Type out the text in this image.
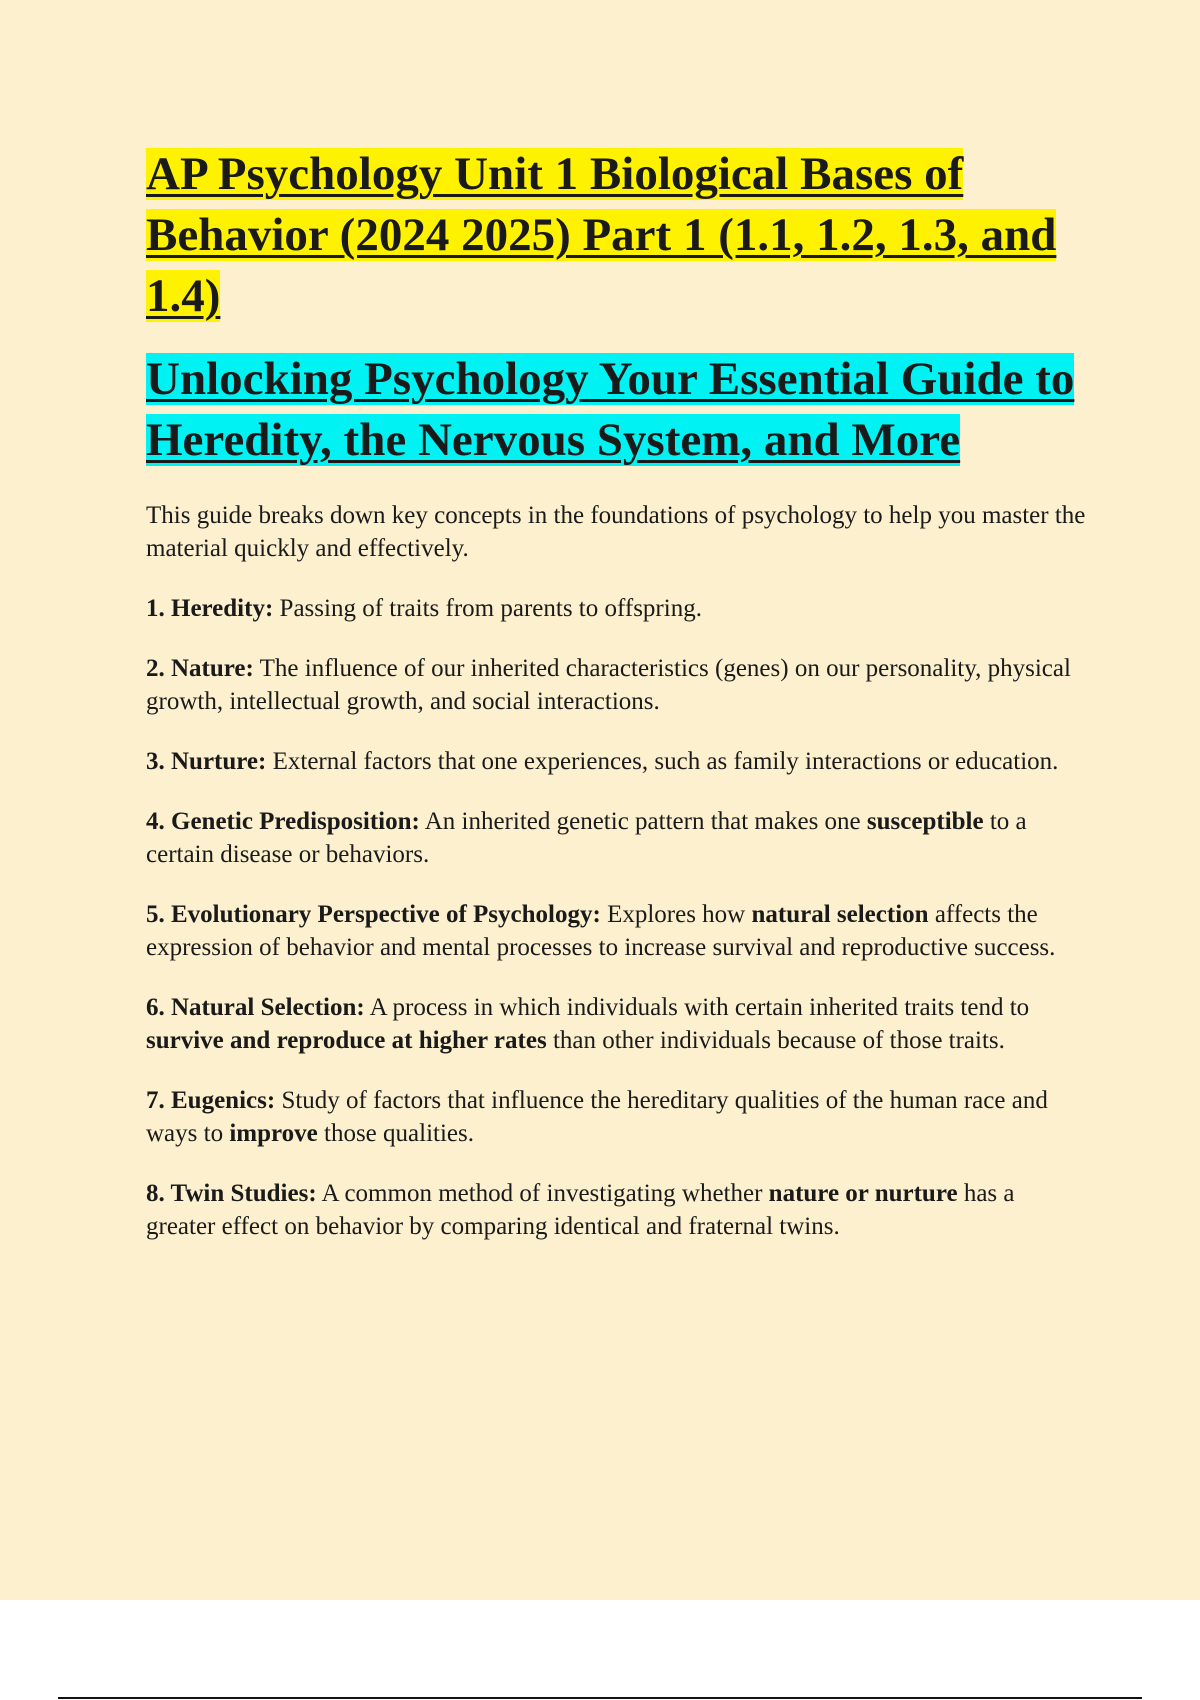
AP Psychology Unit 1 Biological Bases of Behavior (2024 2025) Part 1 (1.1, 1.2, 1.3, and 1.4)
Unlocking Psychology Your Essential Guide to Heredity, the Nervous System, and More

This guide breaks down key concepts in the foundations of psychology to help you master the material quickly and effectively.

1. Heredity: Passing of traits from parents to offspring.
2. Nature: The influence of our inherited characteristics (genes) on our personality, physical growth, intellectual growth, and social interactions.
3. Nurture: External factors that one experiences, such as family interactions or education.
4. Genetic Predisposition: An inherited genetic pattern that makes one susceptible to a certain disease or behaviors.
5. Evolutionary Perspective of Psychology: Explores how natural selection affects the expression of behavior and mental processes to increase survival and reproductive success.
6. Natural Selection: A process in which individuals with certain inherited traits tend to survive and reproduce at higher rates than other individuals because of those traits.
7. Eugenics: Study of factors that influence the hereditary qualities of the human race and ways to improve those qualities.
8. Twin Studies: A common method of investigating whether nature or nurture has a greater effect on behavior by comparing identical and fraternal twins.
